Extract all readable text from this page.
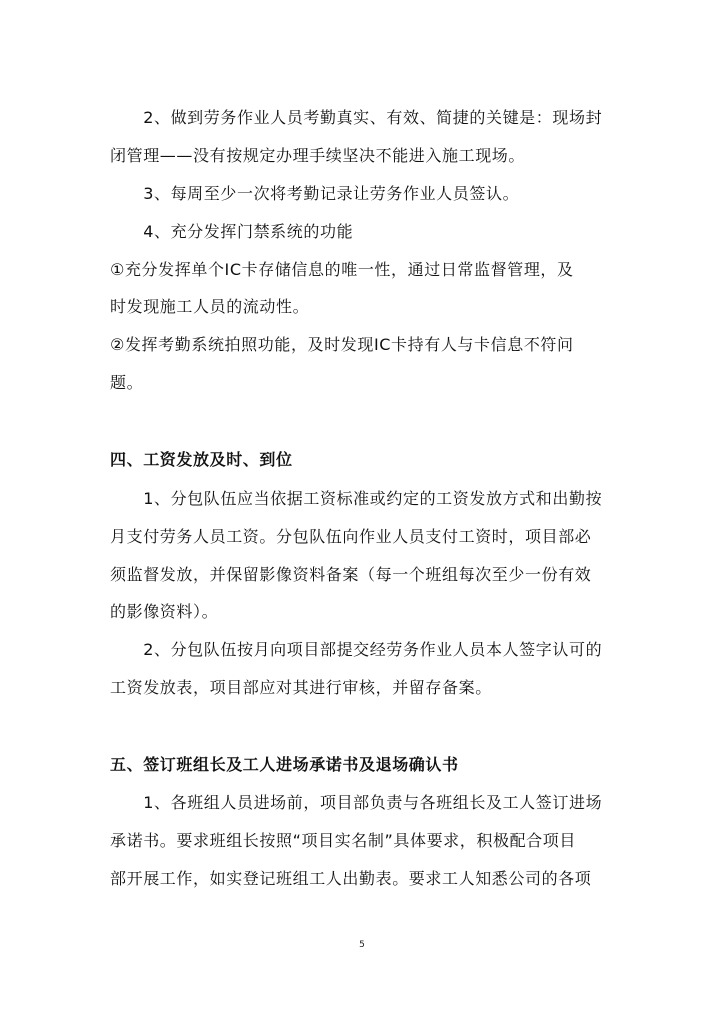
　　2、做到劳务作业人员考勤真实、有效、简捷的关键是：现场封
闭管理——没有按规定办理手续坚决不能进入施工现场。
　　3、每周至少一次将考勤记录让劳务作业人员签认。
　　4、充分发挥门禁系统的功能
①充分发挥单个IC卡存储信息的唯一性，通过日常监督管理，及
时发现施工人员的流动性。
②发挥考勤系统拍照功能，及时发现IC卡持有人与卡信息不符问
题。
四、工资发放及时、到位
　　1、分包队伍应当依据工资标准或约定的工资发放方式和出勤按
月支付劳务人员工资。分包队伍向作业人员支付工资时，项目部必
须监督发放，并保留影像资料备案（每一个班组每次至少一份有效
的影像资料）。
　　2、分包队伍按月向项目部提交经劳务作业人员本人签字认可的
工资发放表，项目部应对其进行审核，并留存备案。
五、签订班组长及工人进场承诺书及退场确认书
　　1、各班组人员进场前，项目部负责与各班组长及工人签订进场
承诺书。要求班组长按照“项目实名制”具体要求，积极配合项目
部开展工作，如实登记班组工人出勤表。要求工人知悉公司的各项
5
